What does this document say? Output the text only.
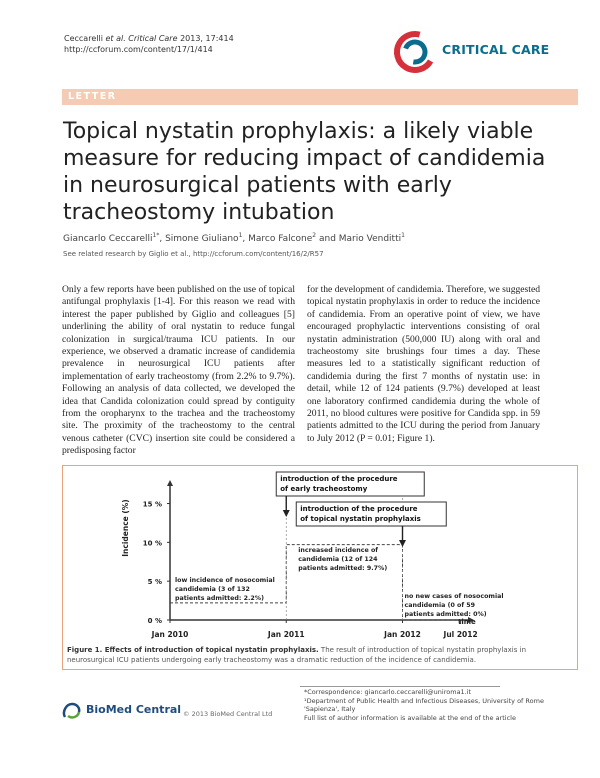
Ceccarelli et al. Critical Care 2013, 17:414
http://ccforum.com/content/17/1/414	CRITICAL CARE
LETTER
Topical nystatin prophylaxis: a likely viable measure for reducing impact of candidemia in neurosurgical patients with early tracheostomy intubation
Giancarlo Ceccarelli$^{1*}$, Simone Giuliano$^1$, Marco Falcone$^2$ and Mario Venditti$^1$
See related research by Giglio et al., http://ccforum.com/content/16/2/R57

Only a few reports have been published on the use of topical antifungal prophylaxis [1-4]. For this reason we read with interest the paper published by Giglio and colleagues [5] underlining the ability of oral nystatin to reduce fungal colonization in surgical/trauma ICU patients. In our experience, we observed a dramatic increase of candidemia prevalence in neurosurgical ICU patients after implementation of early tracheostomy (from 2.2% to 9.7%). Following an analysis of data collected, we developed the idea that Candida colonization could spread by contiguity from the oropharynx to the trachea and the tracheostomy site. The proximity of the tracheostomy to the central venous catheter (CVC) insertion site could be considered a predisposing factor

for the development of candidemia. Therefore, we suggested topical nystatin prophylaxis in order to reduce the incidence of candidemia. From an operative point of view, we have encouraged prophylactic interventions consisting of oral nystatin administration (500,000 IU) along with oral and tracheostomy site brushings four times a day. These measures led to a statistically significant reduction of candidemia during the first 7 months of nystatin use: in detail, while 12 of 124 patients (9.7%) developed at least one laboratory confirmed candidemia during the whole of 2011, no blood cultures were positive for Candida spp. in 59 patients admitted to the ICU during the period from January to July 2012 (P = 0.01; Figure 1).

Incidence (%)
time
0 %
5 %
10 %
15 %
Jan 2010	Jan 2011	Jan 2012	Jul 2012
introduction of the procedure
of early tracheostomy
introduction of the procedure
of topical nystatin prophylaxis
low incidence of nosocomial
candidemia (3 of 132
patients admitted: 2.2%)
increased incidence of
candidemia (12 of 124
patients admitted: 9.7%)
no new cases of nosocomial
candidemia (0 of 59
patients admitted: 0%)
Figure 1. Effects of introduction of topical nystatin prophylaxis. The result of introduction of topical nystatin prophylaxis in neurosurgical ICU patients undergoing early tracheostomy was a dramatic reduction of the incidence of candidemia.
*Correspondence: giancarlo.ceccarelli@uniroma1.it
¹Department of Public Health and Infectious Diseases, University of Rome
'Sapienza', Italy
Full list of author information is available at the end of the article
BioMed Central © 2013 BioMed Central Ltd
